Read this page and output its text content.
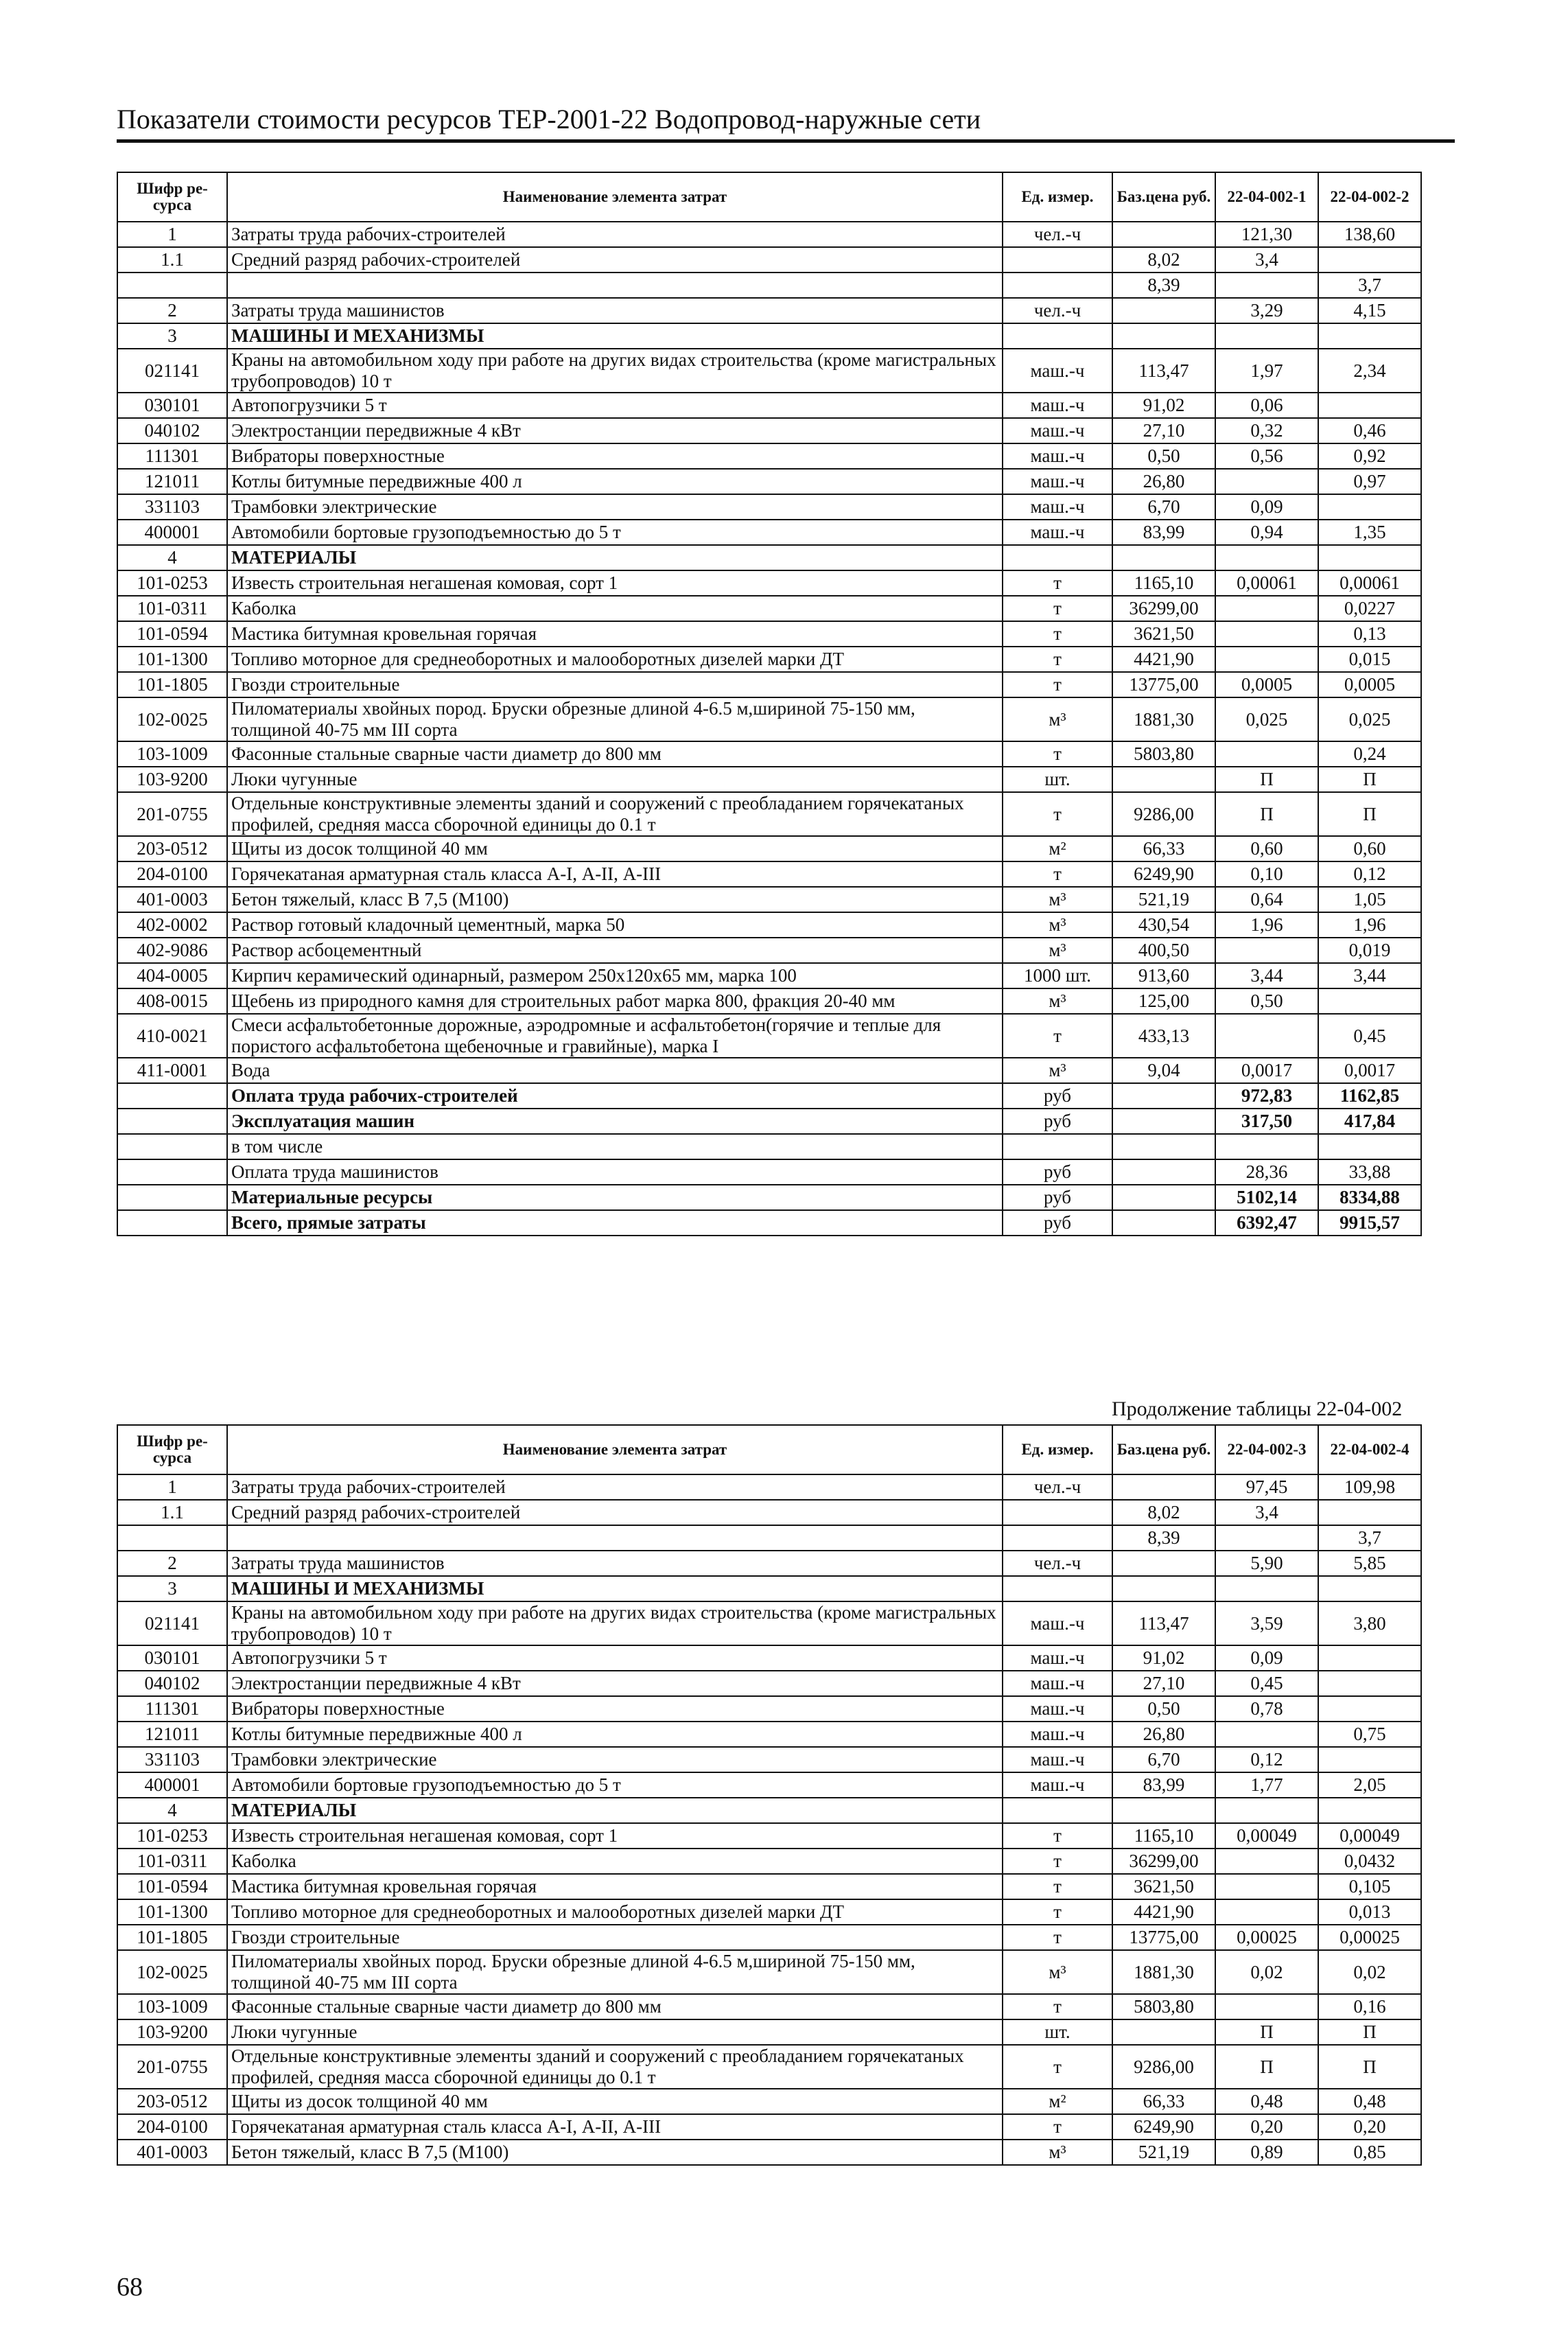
Показатели стоимости ресурсов ТЕР-2001-22 Водопровод-наружные сети
Шифр ре-сурса	Наименование элемента затрат	Ед. измер.	Баз.цена руб.	22-04-002-1	22-04-002-2
1	Затраты труда рабочих-строителей	чел.-ч		121,30	138,60
1.1	Средний разряд рабочих-строителей		8,02	3,4	
			8,39		3,7
2	Затраты труда машинистов	чел.-ч		3,29	4,15
3	МАШИНЫ И МЕХАНИЗМЫ				
021141	Краны на автомобильном ходу при работе на других видах строительства (кроме магистральных трубопроводов) 10 т	маш.-ч	113,47	1,97	2,34
030101	Автопогрузчики 5 т	маш.-ч	91,02	0,06	
040102	Электростанции передвижные 4 кВт	маш.-ч	27,10	0,32	0,46
111301	Вибраторы поверхностные	маш.-ч	0,50	0,56	0,92
121011	Котлы битумные передвижные 400 л	маш.-ч	26,80		0,97
331103	Трамбовки электрические	маш.-ч	6,70	0,09	
400001	Автомобили бортовые грузоподъемностью до 5 т	маш.-ч	83,99	0,94	1,35
4	МАТЕРИАЛЫ				
101-0253	Известь строительная негашеная комовая, сорт 1	т	1165,10	0,00061	0,00061
101-0311	Каболка	т	36299,00		0,0227
101-0594	Мастика битумная кровельная горячая	т	3621,50		0,13
101-1300	Топливо моторное для среднеоборотных и малооборотных дизелей марки ДТ	т	4421,90		0,015
101-1805	Гвозди строительные	т	13775,00	0,0005	0,0005
102-0025	Пиломатериалы хвойных пород. Бруски обрезные длиной 4-6.5 м,шириной 75-150 мм, толщиной 40-75 мм III сорта	м³	1881,30	0,025	0,025
103-1009	Фасонные стальные сварные части диаметр до 800 мм	т	5803,80		0,24
103-9200	Люки чугунные	шт.		П	П
201-0755	Отдельные конструктивные элементы зданий и сооружений с преобладанием горячекатаных профилей, средняя масса сборочной единицы до 0.1 т	т	9286,00	П	П
203-0512	Щиты из досок толщиной 40 мм	м²	66,33	0,60	0,60
204-0100	Горячекатаная арматурная сталь класса А-I, А-II, А-III	т	6249,90	0,10	0,12
401-0003	Бетон тяжелый, класс В 7,5 (М100)	м³	521,19	0,64	1,05
402-0002	Раствор готовый кладочный цементный, марка 50	м³	430,54	1,96	1,96
402-9086	Раствор асбоцементный	м³	400,50		0,019
404-0005	Кирпич керамический одинарный, размером 250х120х65 мм, марка 100	1000 шт.	913,60	3,44	3,44
408-0015	Щебень из природного камня для строительных работ марка 800, фракция 20-40 мм	м³	125,00	0,50	
410-0021	Смеси асфальтобетонные дорожные, аэродромные и асфальтобетон(горячие и теплые для пористого асфальтобетона щебеночные и гравийные), марка I	т	433,13		0,45
411-0001	Вода	м³	9,04	0,0017	0,0017
	Оплата труда рабочих-строителей	руб		972,83	1162,85
	Эксплуатация машин	руб		317,50	417,84
	в том числе				
	Оплата труда машинистов	руб		28,36	33,88
	Материальные ресурсы	руб		5102,14	8334,88
	Всего, прямые затраты	руб		6392,47	9915,57
Продолжение таблицы 22-04-002
Шифр ре-сурса	Наименование элемента затрат	Ед. измер.	Баз.цена руб.	22-04-002-3	22-04-002-4
1	Затраты труда рабочих-строителей	чел.-ч		97,45	109,98
1.1	Средний разряд рабочих-строителей		8,02	3,4	
			8,39		3,7
2	Затраты труда машинистов	чел.-ч		5,90	5,85
3	МАШИНЫ И МЕХАНИЗМЫ				
021141	Краны на автомобильном ходу при работе на других видах строительства (кроме магистральных трубопроводов) 10 т	маш.-ч	113,47	3,59	3,80
030101	Автопогрузчики 5 т	маш.-ч	91,02	0,09	
040102	Электростанции передвижные 4 кВт	маш.-ч	27,10	0,45	
111301	Вибраторы поверхностные	маш.-ч	0,50	0,78	
121011	Котлы битумные передвижные 400 л	маш.-ч	26,80		0,75
331103	Трамбовки электрические	маш.-ч	6,70	0,12	
400001	Автомобили бортовые грузоподъемностью до 5 т	маш.-ч	83,99	1,77	2,05
4	МАТЕРИАЛЫ				
101-0253	Известь строительная негашеная комовая, сорт 1	т	1165,10	0,00049	0,00049
101-0311	Каболка	т	36299,00		0,0432
101-0594	Мастика битумная кровельная горячая	т	3621,50		0,105
101-1300	Топливо моторное для среднеоборотных и малооборотных дизелей марки ДТ	т	4421,90		0,013
101-1805	Гвозди строительные	т	13775,00	0,00025	0,00025
102-0025	Пиломатериалы хвойных пород. Бруски обрезные длиной 4-6.5 м,шириной 75-150 мм, толщиной 40-75 мм III сорта	м³	1881,30	0,02	0,02
103-1009	Фасонные стальные сварные части диаметр до 800 мм	т	5803,80		0,16
103-9200	Люки чугунные	шт.		П	П
201-0755	Отдельные конструктивные элементы зданий и сооружений с преобладанием горячекатаных профилей, средняя масса сборочной единицы до 0.1 т	т	9286,00	П	П
203-0512	Щиты из досок толщиной 40 мм	м²	66,33	0,48	0,48
204-0100	Горячекатаная арматурная сталь класса А-I, А-II, А-III	т	6249,90	0,20	0,20
401-0003	Бетон тяжелый, класс В 7,5 (М100)	м³	521,19	0,89	0,85
68
